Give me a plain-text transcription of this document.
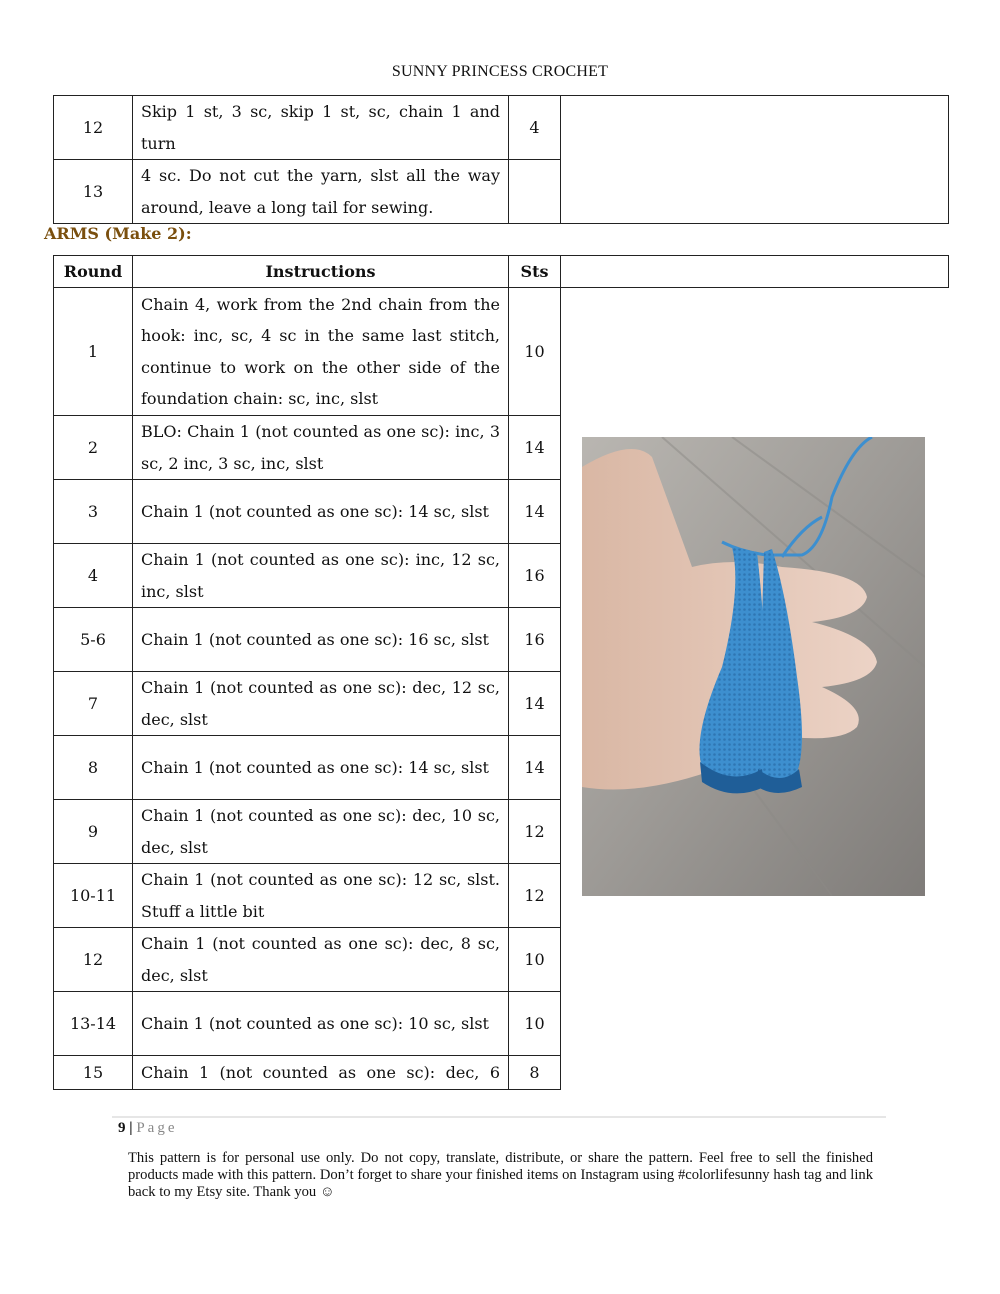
SUNNY PRINCESS CROCHET
12	Skip 1 st, 3 sc, skip 1 st, sc, chain 1 and turn	4	
13	4 sc. Do not cut the yarn, slst all the way around, leave a long tail for sewing.		
ARMS (Make 2):
Round	Instructions	Sts	
1	Chain 4, work from the 2nd chain from the hook: inc, sc, 4 sc in the same last stitch, continue to work on the other side of the foundation chain: sc, inc, slst	10	
2	BLO: Chain 1 (not counted as one sc): inc, 3 sc, 2 inc, 3 sc, inc, slst	14	
3	Chain 1 (not counted as one sc): 14 sc, slst	14	
4	Chain 1 (not counted as one sc): inc, 12 sc, inc, slst	16	
5-6	Chain 1 (not counted as one sc): 16 sc, slst	16	
7	Chain 1 (not counted as one sc): dec, 12 sc, dec, slst	14	
8	Chain 1 (not counted as one sc): 14 sc, slst	14	
9	Chain 1 (not counted as one sc): dec, 10 sc, dec, slst	12	
10-11	Chain 1 (not counted as one sc): 12 sc, slst. Stuff a little bit	12	
12	Chain 1 (not counted as one sc): dec, 8 sc, dec, slst	10	
13-14	Chain 1 (not counted as one sc): 10 sc, slst	10	
15	Chain 1 (not counted as one sc): dec, 6	8	
9 | Page
This pattern is for personal use only. Do not copy, translate, distribute, or share the pattern. Feel free to sell the finished products made with this pattern. Don’t forget to share your finished items on Instagram using #colorlifesunny hash tag and link back to my Etsy site. Thank you ☺
